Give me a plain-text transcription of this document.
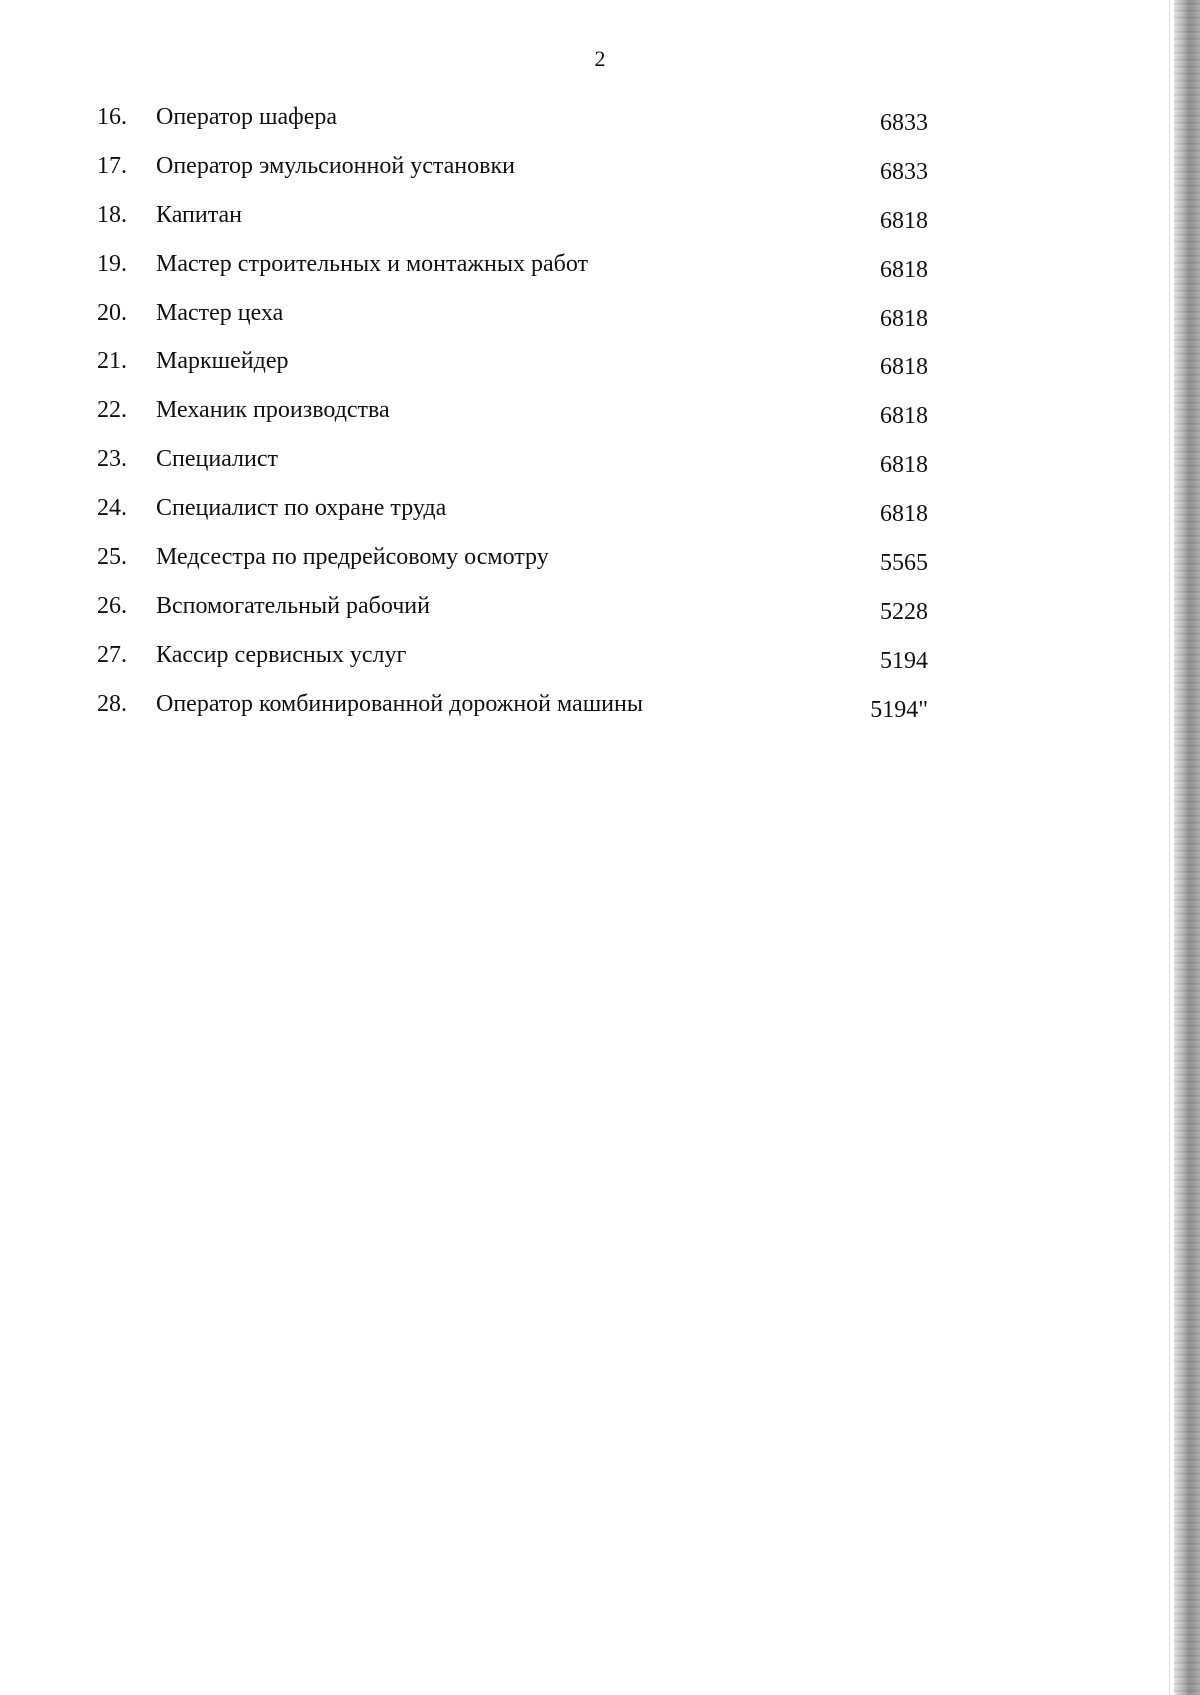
2
16. Оператор шафера	6833
17. Оператор эмульсионной установки	6833
18. Капитан	6818
19. Мастер строительных и монтажных работ	6818
20. Мастер цеха	6818
21. Маркшейдер	6818
22. Механик производства	6818
23. Специалист	6818
24. Специалист по охране труда	6818
25. Медсестра по предрейсовому осмотру	5565
26. Вспомогательный рабочий	5228
27. Кассир сервисных услуг	5194
28. Оператор комбинированной дорожной машины	5194"
